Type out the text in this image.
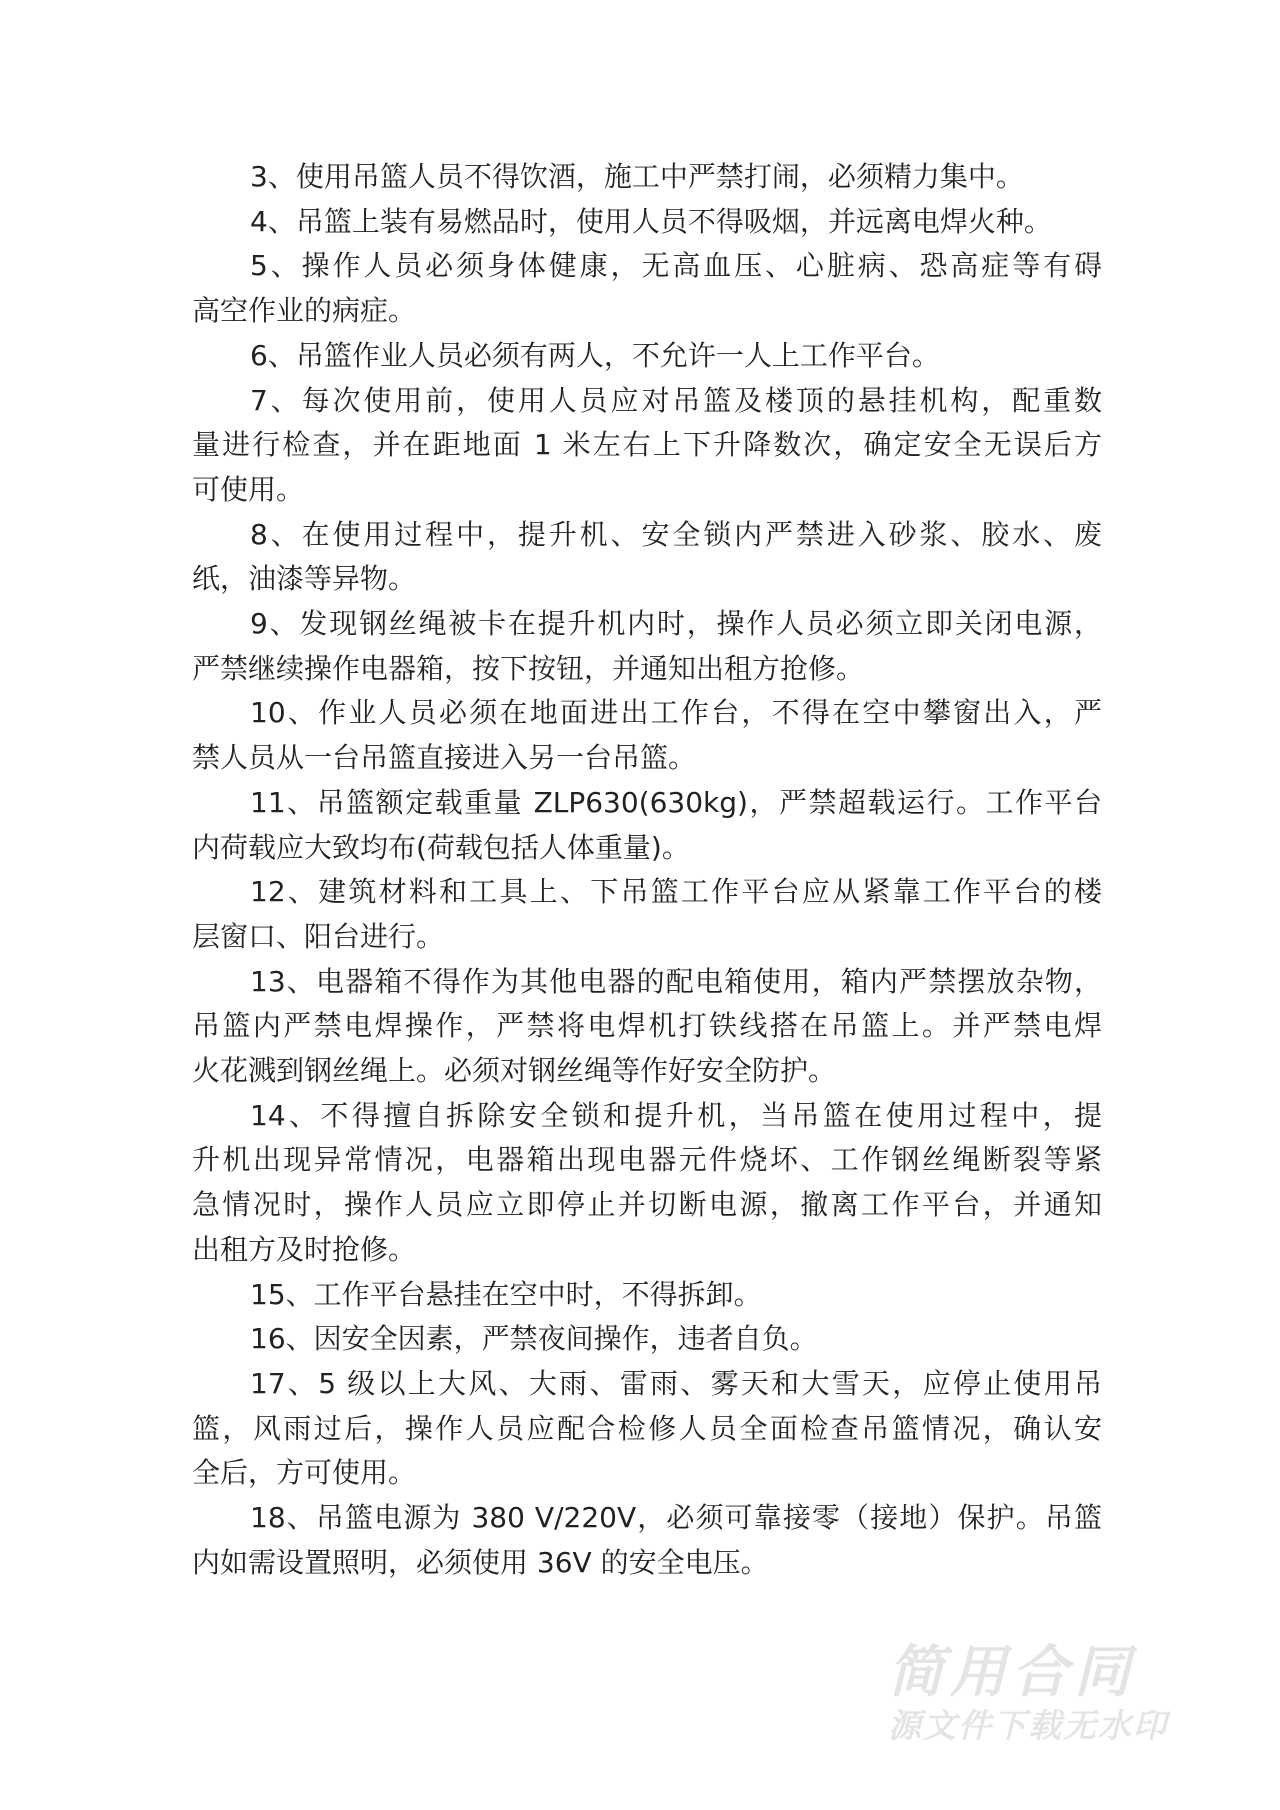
3、使用吊篮人员不得饮酒，施工中严禁打闹，必须精力集中。
4、吊篮上装有易燃品时，使用人员不得吸烟，并远离电焊火种。
5、操作人员必须身体健康，无高血压、心脏病、恐高症等有碍
高空作业的病症。
6、吊篮作业人员必须有两人，不允许一人上工作平台。
7、每次使用前，使用人员应对吊篮及楼顶的悬挂机构，配重数
量进行检查，并在距地面 1 米左右上下升降数次，确定安全无误后方
可使用。
8、在使用过程中，提升机、安全锁内严禁进入砂浆、胶水、废
纸，油漆等异物。
9、发现钢丝绳被卡在提升机内时，操作人员必须立即关闭电源，
严禁继续操作电器箱，按下按钮，并通知出租方抢修。
10、作业人员必须在地面进出工作台，不得在空中攀窗出入，严
禁人员从一台吊篮直接进入另一台吊篮。
11、吊篮额定载重量 ZLP630(630kg)，严禁超载运行。工作平台
内荷载应大致均布(荷载包括人体重量)。
12、建筑材料和工具上、下吊篮工作平台应从紧靠工作平台的楼
层窗口、阳台进行。
13、电器箱不得作为其他电器的配电箱使用，箱内严禁摆放杂物，
吊篮内严禁电焊操作，严禁将电焊机打铁线搭在吊篮上。并严禁电焊
火花溅到钢丝绳上。必须对钢丝绳等作好安全防护。
14、不得擅自拆除安全锁和提升机，当吊篮在使用过程中，提
升机出现异常情况，电器箱出现电器元件烧坏、工作钢丝绳断裂等紧
急情况时，操作人员应立即停止并切断电源，撤离工作平台，并通知
出租方及时抢修。
15、工作平台悬挂在空中时，不得拆卸。
16、因安全因素，严禁夜间操作，违者自负。
17、5 级以上大风、大雨、雷雨、雾天和大雪天，应停止使用吊
篮，风雨过后，操作人员应配合检修人员全面检查吊篮情况，确认安
全后，方可使用。
18、吊篮电源为 380 V/220V，必须可靠接零（接地）保护。吊篮
内如需设置照明，必须使用 36V 的安全电压。
简用合同
源文件下载无水印
